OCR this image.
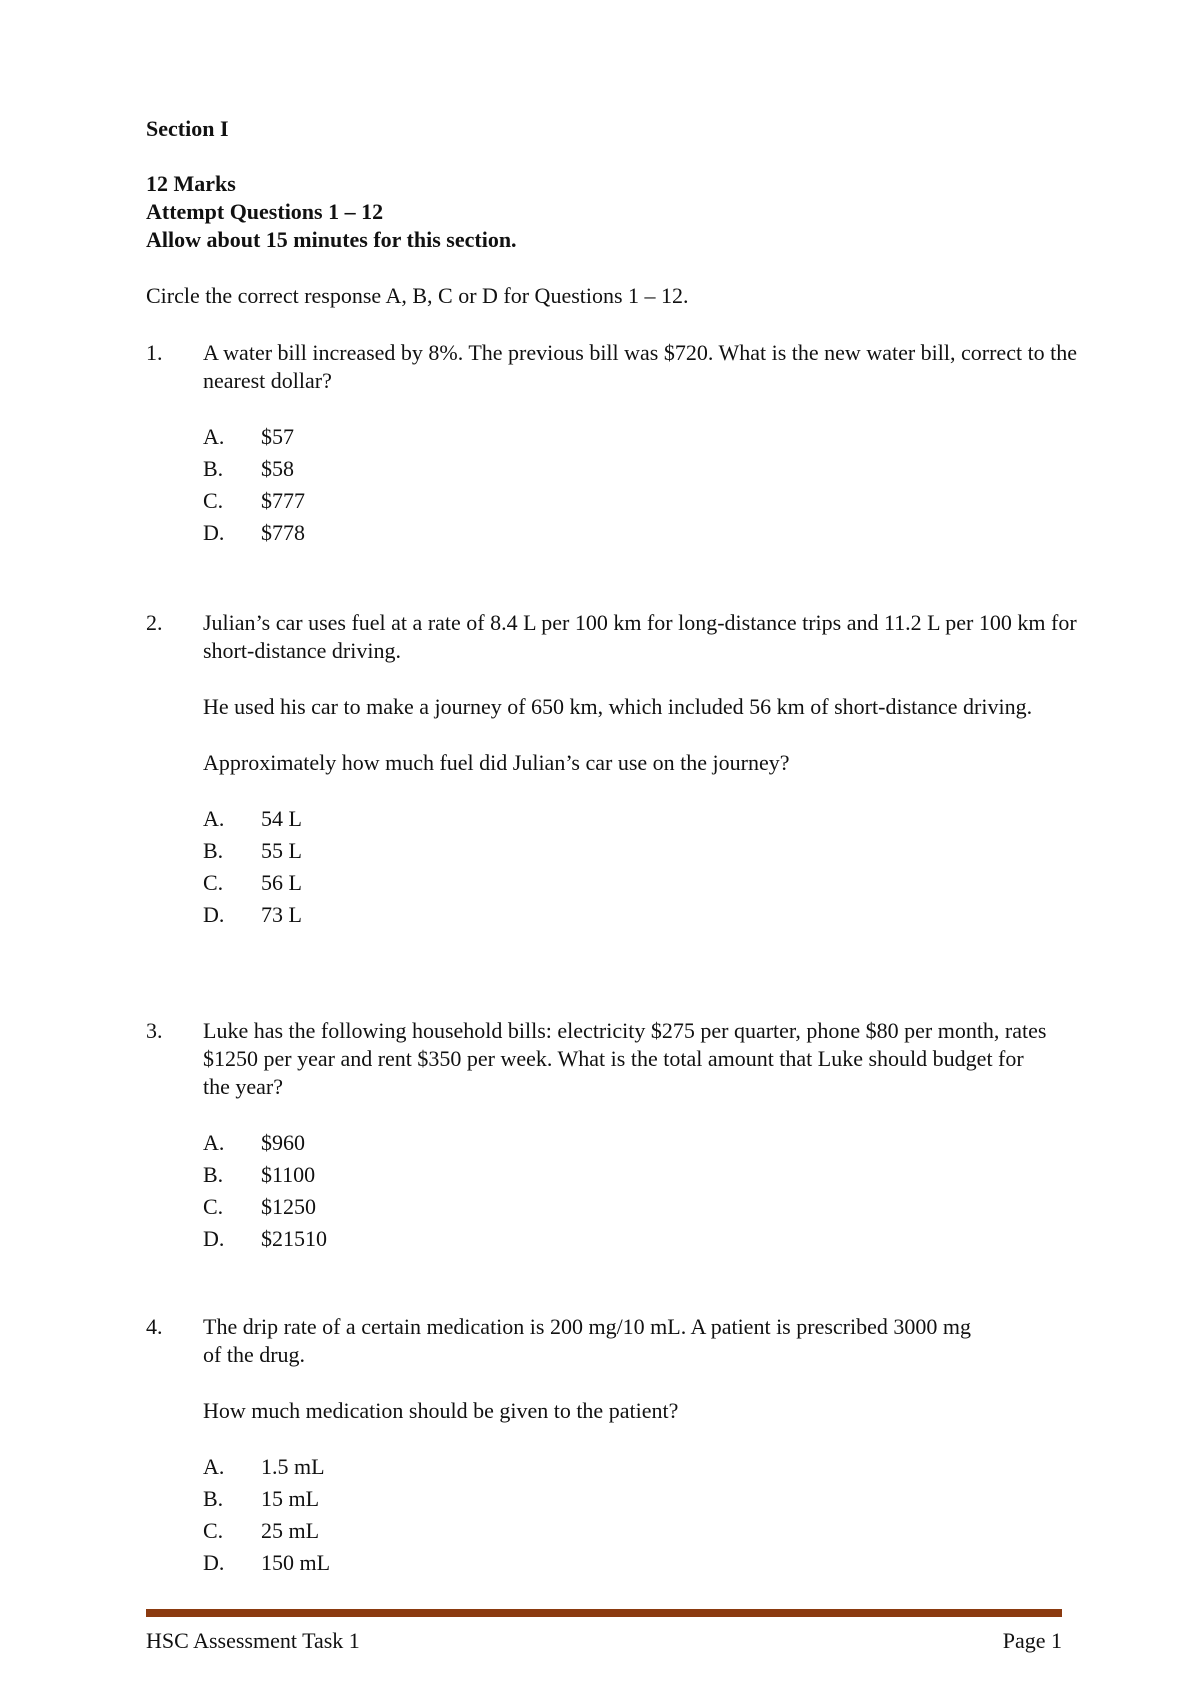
Section I
12 Marks
Attempt Questions 1 – 12
Allow about 15 minutes for this section.
Circle the correct response A, B, C or D for Questions 1 – 12.
1.	A water bill increased by 8%. The previous bill was $720. What is the new water bill, correct to the nearest dollar?
A.	$57
B.	$58
C.	$777
D.	$778
2.	Julian’s car uses fuel at a rate of 8.4 L per 100 km for long-distance trips and 11.2 L per 100 km for short-distance driving.
He used his car to make a journey of 650 km, which included 56 km of short-distance driving.
Approximately how much fuel did Julian’s car use on the journey?
A.	54 L
B.	55 L
C.	56 L
D.	73 L
3.	Luke has the following household bills: electricity $275 per quarter, phone $80 per month, rates $1250 per year and rent $350 per week. What is the total amount that Luke should budget for the year?
A.	$960
B.	$1100
C.	$1250
D.	$21510
4.	The drip rate of a certain medication is 200 mg/10 mL. A patient is prescribed 3000 mg of the drug.
How much medication should be given to the patient?
A.	1.5 mL
B.	15 mL
C.	25 mL
D.	150 mL
HSC Assessment Task 1	Page 1
